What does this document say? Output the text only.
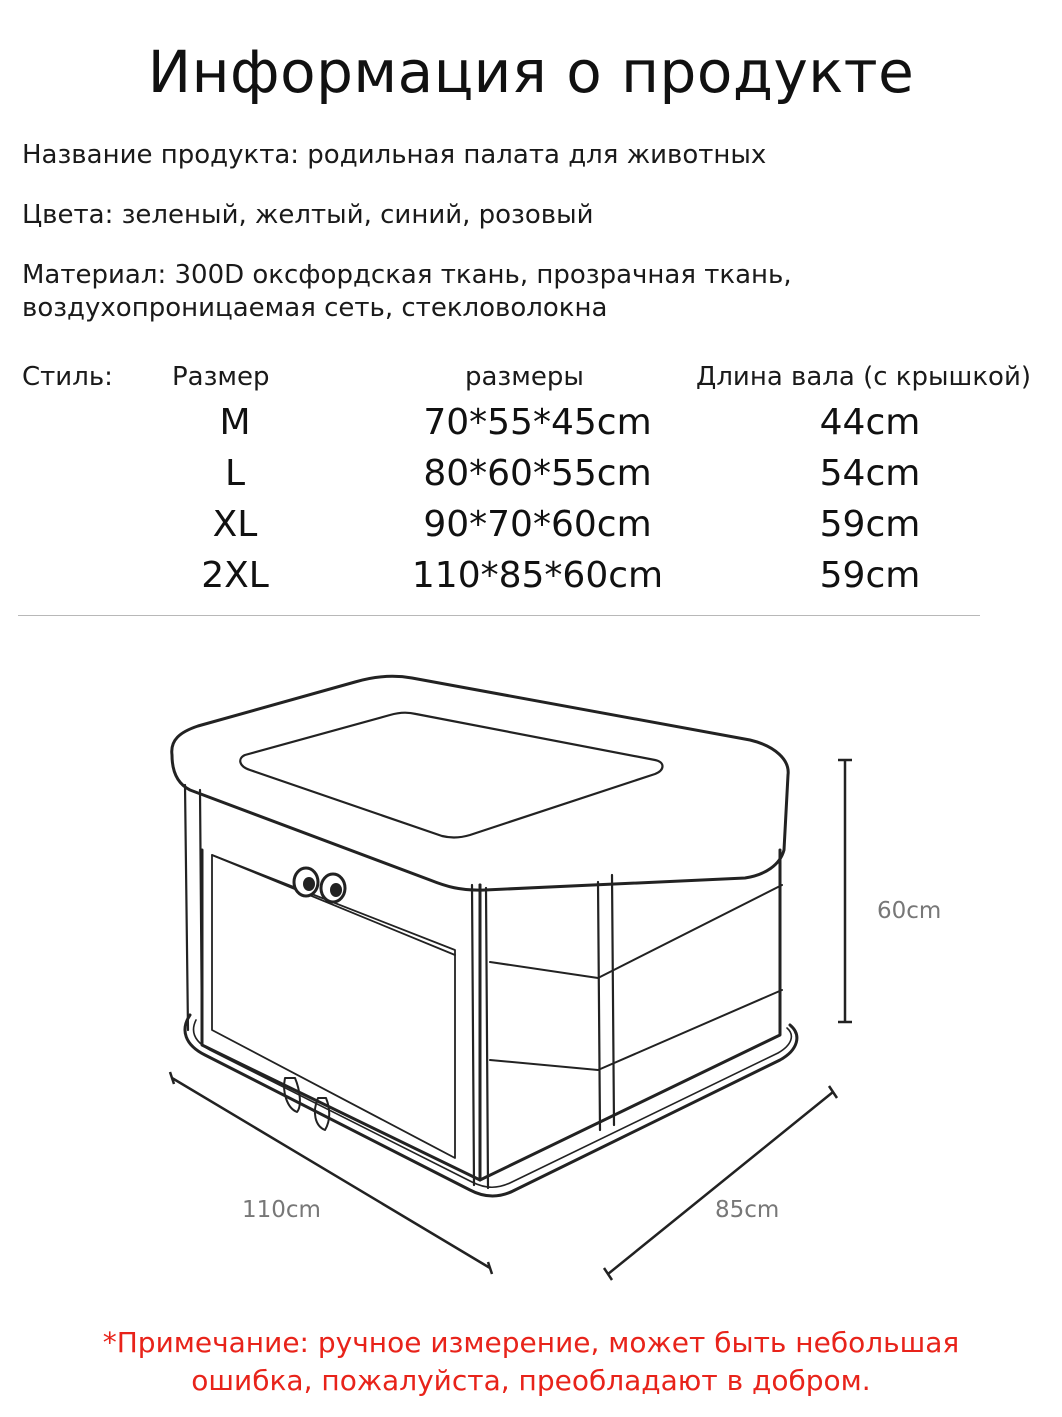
Информация о продукте
Название продукта: родильная палата для животных
Цвета: зеленый, желтый, синий, розовый
Материал: 300D оксфордская ткань, прозрачная ткань,
воздухопроницаемая сеть, стекловолокна
Стиль: Размер	размеры	Длина вала (с крышкой)
M	70*55*45cm	44cm
L	80*60*55cm	54cm
XL	90*70*60cm	59cm
2XL	110*85*60cm	59cm
60cm
110cm	85cm
*Примечание: ручное измерение, может быть небольшая
ошибка, пожалуйста, преобладают в добром.
